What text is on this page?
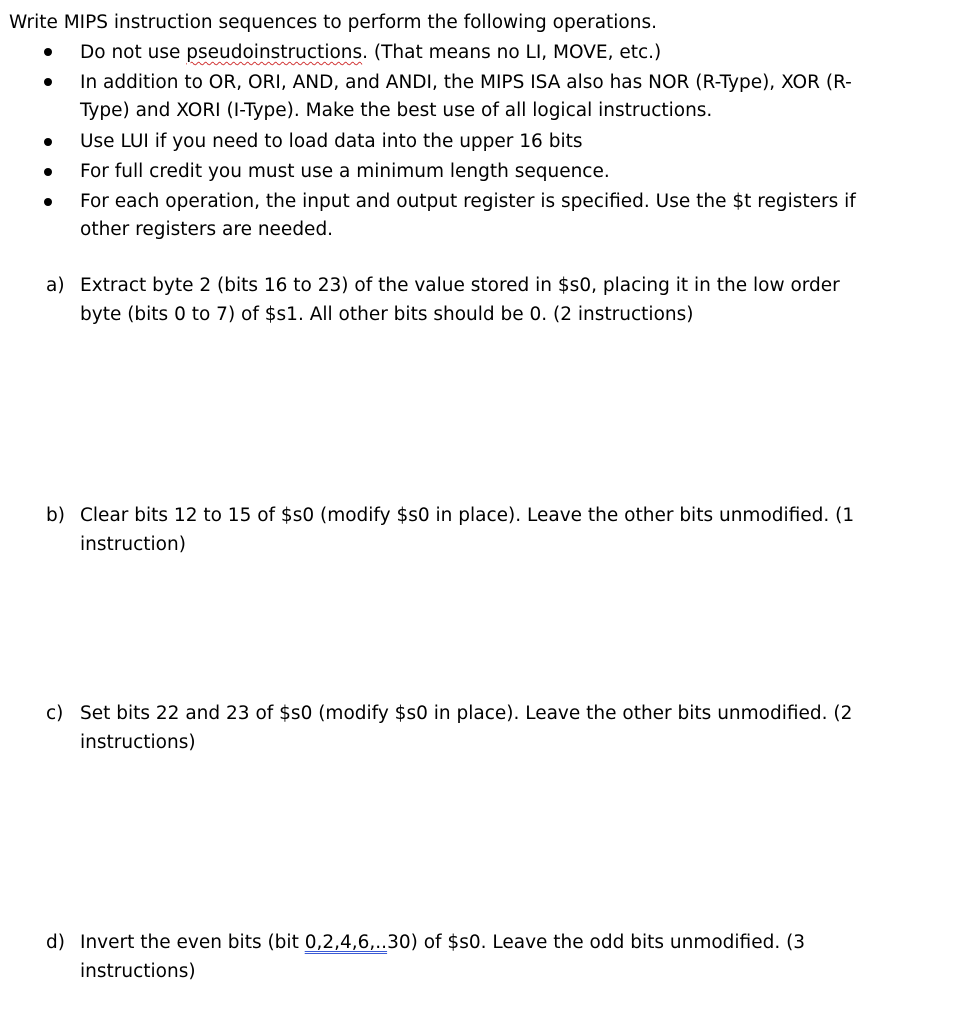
Write MIPS instruction sequences to perform the following operations.
Do not use pseudoinstructions. (That means no LI, MOVE, etc.)
In addition to OR, ORI, AND, and ANDI, the MIPS ISA also has NOR (R-Type), XOR (R-
Type) and XORI (I-Type). Make the best use of all logical instructions.
Use LUI if you need to load data into the upper 16 bits
For full credit you must use a minimum length sequence.
For each operation, the input and output register is specified. Use the $t registers if
other registers are needed.
a) Extract byte 2 (bits 16 to 23) of the value stored in $s0, placing it in the low order
byte (bits 0 to 7) of $s1. All other bits should be 0. (2 instructions)
b) Clear bits 12 to 15 of $s0 (modify $s0 in place). Leave the other bits unmodified. (1
instruction)
c) Set bits 22 and 23 of $s0 (modify $s0 in place). Leave the other bits unmodified. (2
instructions)
d) Invert the even bits (bit 0,2,4,6,..30) of $s0. Leave the odd bits unmodified. (3
instructions)
